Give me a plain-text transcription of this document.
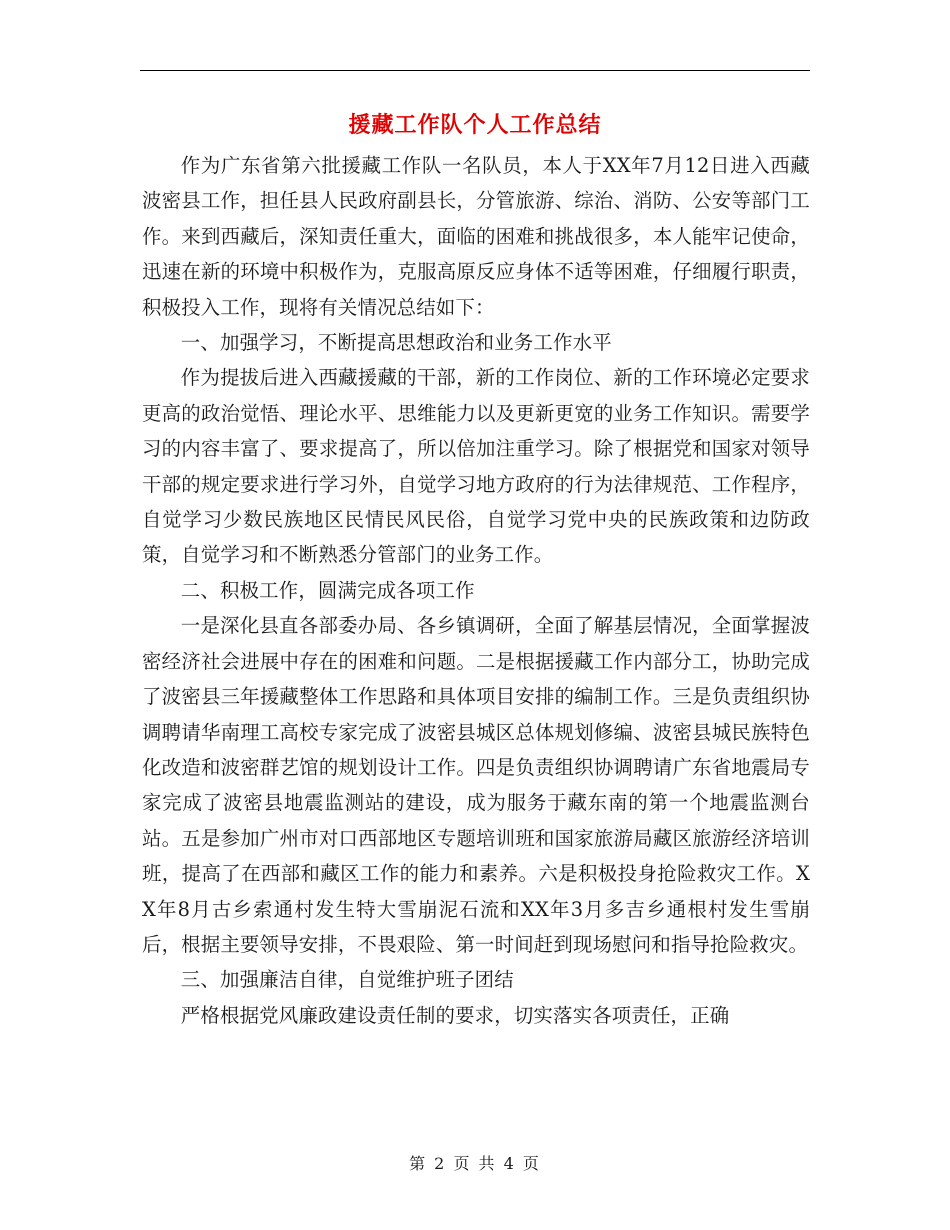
援藏工作队个人工作总结

作为广东省第六批援藏工作队一名队员，本人于XX年7月12日进入西藏波密县工作，担任县人民政府副县长，分管旅游、综治、消防、公安等部门工作。来到西藏后，深知责任重大，面临的困难和挑战很多，本人能牢记使命，迅速在新的环境中积极作为，克服高原反应身体不适等困难，仔细履行职责，积极投入工作，现将有关情况总结如下：

一、加强学习，不断提高思想政治和业务工作水平

作为提拔后进入西藏援藏的干部，新的工作岗位、新的工作环境必定要求更高的政治觉悟、理论水平、思维能力以及更新更宽的业务工作知识。需要学习的内容丰富了、要求提高了，所以倍加注重学习。除了根据党和国家对领导干部的规定要求进行学习外，自觉学习地方政府的行为法律规范、工作程序，自觉学习少数民族地区民情民风民俗，自觉学习党中央的民族政策和边防政策，自觉学习和不断熟悉分管部门的业务工作。

二、积极工作，圆满完成各项工作

一是深化县直各部委办局、各乡镇调研，全面了解基层情况，全面掌握波密经济社会进展中存在的困难和问题。二是根据援藏工作内部分工，协助完成了波密县三年援藏整体工作思路和具体项目安排的编制工作。三是负责组织协调聘请华南理工高校专家完成了波密县城区总体规划修编、波密县城民族特色化改造和波密群艺馆的规划设计工作。四是负责组织协调聘请广东省地震局专家完成了波密县地震监测站的建设，成为服务于藏东南的第一个地震监测台站。五是参加广州市对口西部地区专题培训班和国家旅游局藏区旅游经济培训班，提高了在西部和藏区工作的能力和素养。六是积极投身抢险救灾工作。XX年8月古乡索通村发生特大雪崩泥石流和XX年3月多吉乡通根村发生雪崩后，根据主要领导安排，不畏艰险、第一时间赶到现场慰问和指导抢险救灾。

三、加强廉洁自律，自觉维护班子团结

严格根据党风廉政建设责任制的要求，切实落实各项责任，正确

第 2 页 共 4 页
